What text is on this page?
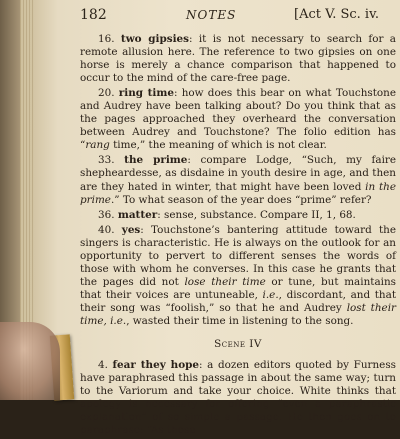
182	NOTES	[Act V. Sc. iv.

16. two gipsies: it is not necessary to search for a remote allusion here. The reference to two gipsies on one horse is merely a chance comparison that happened to occur to the mind of the care-free page.

20. ring time: how does this bear on what Touchstone and Audrey have been talking about? Do you think that as the pages approached they overheard the conversation between Audrey and Touchstone? The folio edition has “rang time,” the meaning of which is not clear.

33. the prime: compare Lodge, “Such, my faire shepheardesse, as disdaine in youth desire in age, and then are they hated in winter, that might have been loved in the prime.” To what season of the year does “prime” refer?

36. matter: sense, substance. Compare II, 1, 68.

40. yes: Touchstone’s bantering attitude toward the singers is characteristic. He is always on the outlook for an opportunity to pervert to different senses the words of those with whom he converses. In this case he grants that the pages did not lose their time or tune, but maintains that their voices are untuneable, i.e., discordant, and that their song was “foolish,” so that he and Audrey lost their time, i.e., wasted their time in listening to the song.

Scene IV

4. fear they hope: a dozen editors quoted by Furness have paraphrased this passage in about the same way; turn to the Variorum and take your choice. White thinks that apology is necessary for offering “even a paraphrastic explanation” of so simple a passage. He then goes on to paraphrase: “As those
